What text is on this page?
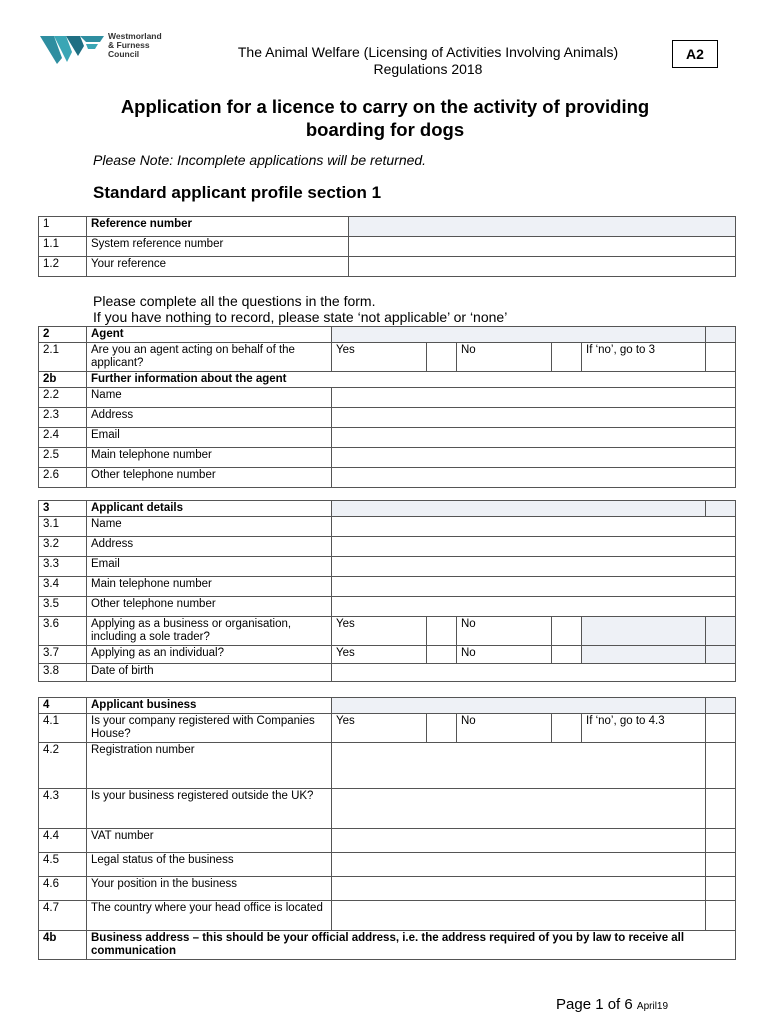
Westmorland
& Furness
Council	The Animal Welfare (Licensing of Activities Involving Animals) Regulations 2018
A2
Application for a licence to carry on the activity of providing boarding for dogs
Please Note: Incomplete applications will be returned.
Standard applicant profile section 1
1	Reference number	
1.1	System reference number	
1.2	Your reference	
Please complete all the questions in the form.
If you have nothing to record, please state ‘not applicable’ or ‘none’
2	Agent						
2.1	Are you an agent acting on behalf of the applicant?	Yes		No		If ‘no’, go to 3	
2b	Further information about the agent						
2.2	Name						
2.3	Address						
2.4	Email						
2.5	Main telephone number						
2.6	Other telephone number						
3	Applicant details						
3.1	Name						
3.2	Address						
3.3	Email						
3.4	Main telephone number						
3.5	Other telephone number						
3.6	Applying as a business or organisation, including a sole trader?	Yes		No			
3.7	Applying as an individual?	Yes		No			
3.8	Date of birth						
4	Applicant business						
4.1	Is your company registered with Companies House?	Yes		No		If ‘no’, go to 4.3	
4.2	Registration number						
4.3	Is your business registered outside the UK?						
4.4	VAT number						
4.5	Legal status of the business						
4.6	Your position in the business						
4.7	The country where your head office is located						
4b	Business address – this should be your official address, i.e. the address required of you by law to receive all communication						
Page 1 of 6 April19
